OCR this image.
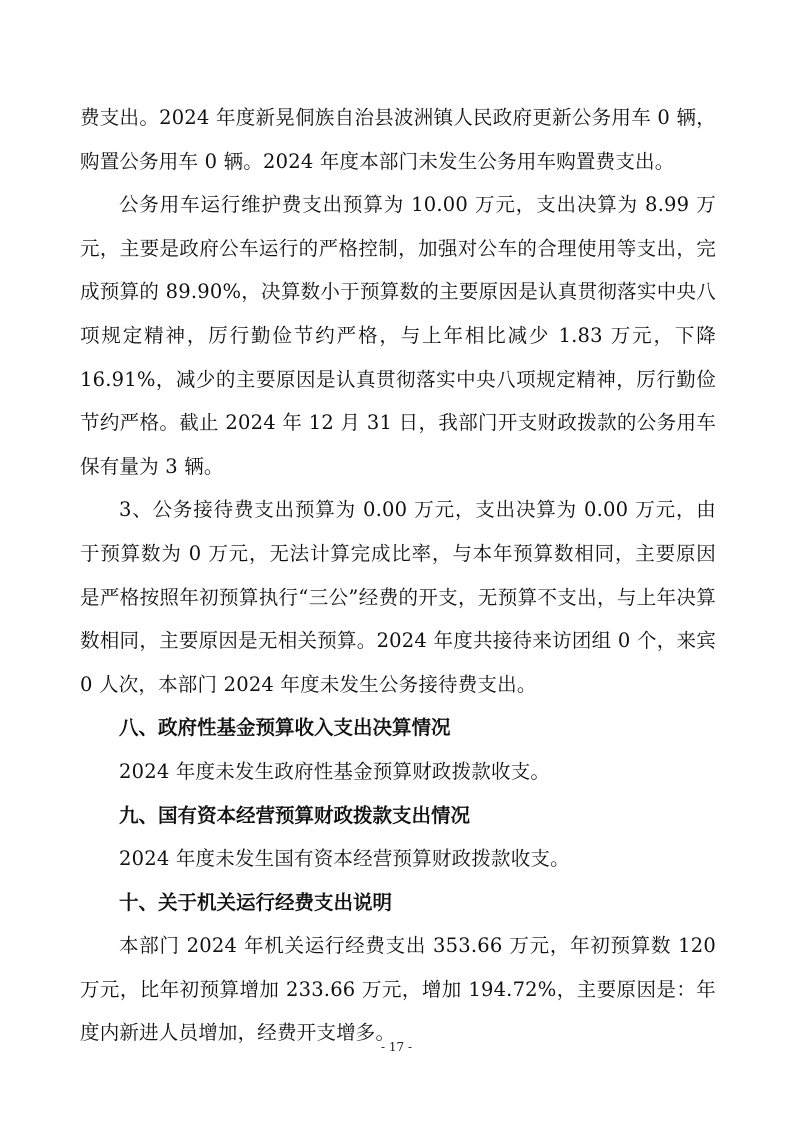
费支出。2024 年度新晃侗族自治县波洲镇人民政府更新公务用车 0 辆，购置公务用车 0 辆。2024 年度本部门未发生公务用车购置费支出。

公务用车运行维护费支出预算为 10.00 万元，支出决算为 8.99 万元，主要是政府公车运行的严格控制，加强对公车的合理使用等支出，完成预算的 89.90%，决算数小于预算数的主要原因是认真贯彻落实中央八项规定精神，厉行勤俭节约严格，与上年相比减少 1.83 万元，下降 16.91%，减少的主要原因是认真贯彻落实中央八项规定精神，厉行勤俭节约严格。截止 2024 年 12 月 31 日，我部门开支财政拨款的公务用车保有量为 3 辆。

3、公务接待费支出预算为 0.00 万元，支出决算为 0.00 万元，由于预算数为 0 万元，无法计算完成比率，与本年预算数相同，主要原因是严格按照年初预算执行“三公”经费的开支，无预算不支出，与上年决算数相同，主要原因是无相关预算。2024 年度共接待来访团组 0 个，来宾 0 人次，本部门 2024 年度未发生公务接待费支出。

八、政府性基金预算收入支出决算情况

2024 年度未发生政府性基金预算财政拨款收支。

九、国有资本经营预算财政拨款支出情况

2024 年度未发生国有资本经营预算财政拨款收支。

十、关于机关运行经费支出说明

本部门 2024 年机关运行经费支出 353.66 万元，年初预算数 120 万元，比年初预算增加 233.66 万元，增加 194.72%，主要原因是：年度内新进人员增加，经费开支增多。

- 17 -
